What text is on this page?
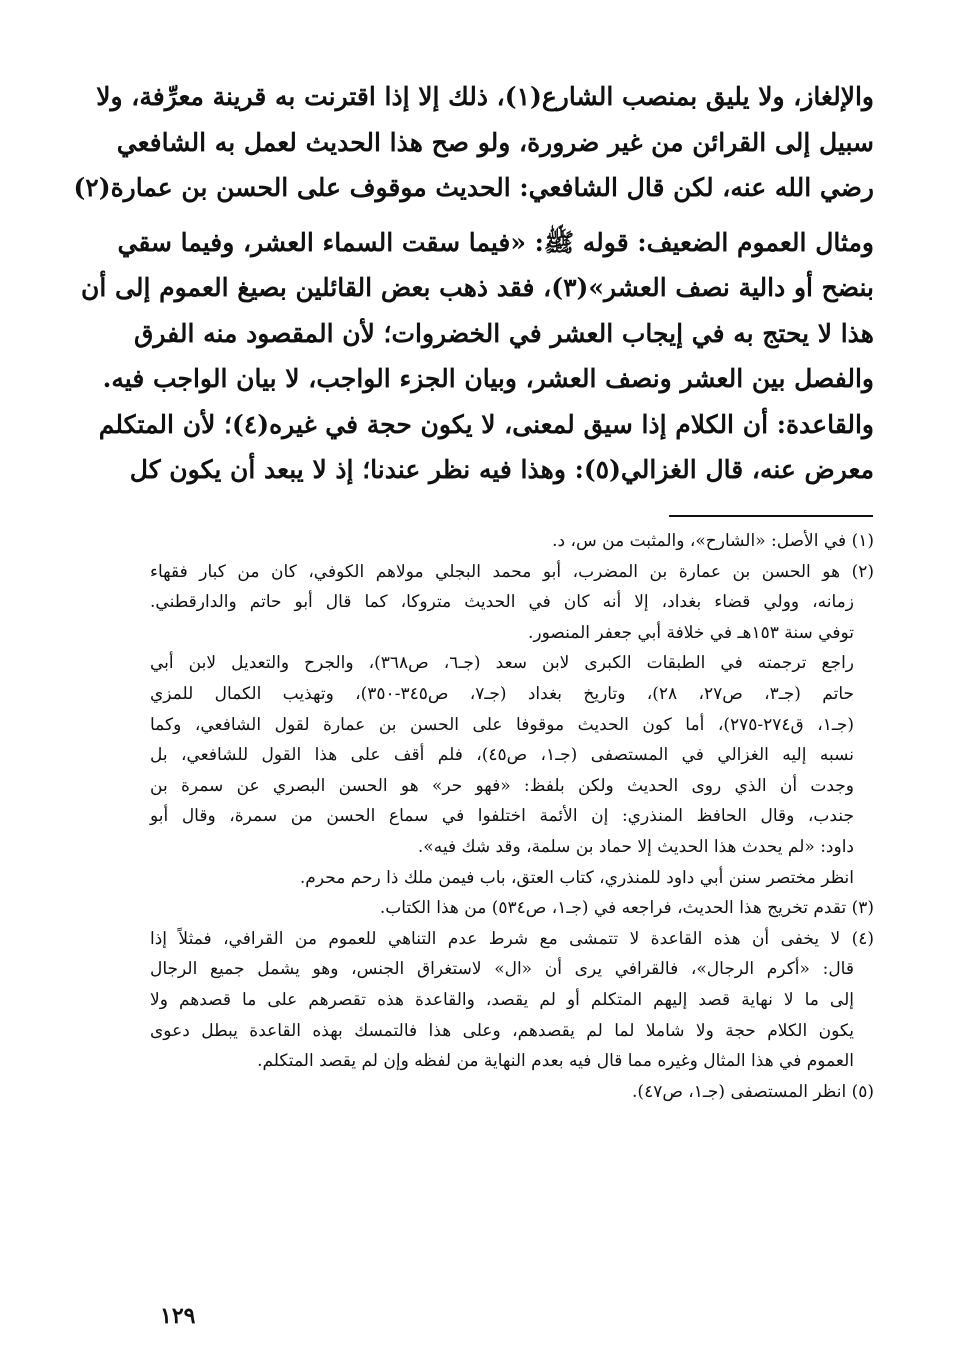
والإلغاز، ولا يليق بمنصب الشارع(١)، ذلك إلا إذا اقترنت به قرينة معرِّفة، ولا
سبيل إلى القرائن من غير ضرورة، ولو صح هذا الحديث لعمل به الشافعي
رضي الله عنه، لكن قال الشافعي: الحديث موقوف على الحسن بن عمارة(٢)
ومثال العموم الضعيف: قوله ﷺ: «فيما سقت السماء العشر، وفيما سقي
بنضح أو دالية نصف العشر»(٣)، فقد ذهب بعض القائلين بصيغ العموم إلى أن
هذا لا يحتج به في إيجاب العشر في الخضروات؛ لأن المقصود منه الفرق
والفصل بين العشر ونصف العشر، وبيان الجزء الواجب، لا بيان الواجب فيه.
والقاعدة: أن الكلام إذا سيق لمعنى، لا يكون حجة في غيره(٤)؛ لأن المتكلم
معرض عنه، قال الغزالي(٥): وهذا فيه نظر عندنا؛ إذ لا يبعد أن يكون كل
(١) في الأصل: «الشارح»، والمثبت من س، د.
(٢) هو الحسن بن عمارة بن المضرب، أبو محمد البجلي مولاهم الكوفي، كان من كبار فقهاء
زمانه، وولي قضاء بغداد، إلا أنه كان في الحديث متروكا، كما قال أبو حاتم والدارقطني.
توفي سنة ١٥٣هـ في خلافة أبي جعفر المنصور.
راجع ترجمته في الطبقات الكبرى لابن سعد (جـ٦، ص٣٦٨)، والجرح والتعديل لابن أبي
حاتم (جـ٣، ص٢٧، ٢٨)، وتاريخ بغداد (جـ٧، ص٣٤٥-٣٥٠)، وتهذيب الكمال للمزي
(جـ١، ق٢٧٤-٢٧٥)، أما كون الحديث موقوفا على الحسن بن عمارة لقول الشافعي، وكما
نسبه إليه الغزالي في المستصفى (جـ١، ص٤٥)، فلم أقف على هذا القول للشافعي، بل
وجدت أن الذي روى الحديث ولكن بلفظ: «فهو حر» هو الحسن البصري عن سمرة بن
جندب، وقال الحافظ المنذري: إن الأئمة اختلفوا في سماع الحسن من سمرة، وقال أبو
داود: «لم يحدث هذا الحديث إلا حماد بن سلمة، وقد شك فيه».
انظر مختصر سنن أبي داود للمنذري، كتاب العتق، باب فيمن ملك ذا رحم محرم.
(٣) تقدم تخريج هذا الحديث، فراجعه في (جـ١، ص٥٣٤) من هذا الكتاب.
(٤) لا يخفى أن هذه القاعدة لا تتمشى مع شرط عدم التناهي للعموم من القرافي، فمثلاً إذا
قال: «أكرم الرجال»، فالقرافي يرى أن «ال» لاستغراق الجنس، وهو يشمل جميع الرجال
إلى ما لا نهاية قصد إليهم المتكلم أو لم يقصد، والقاعدة هذه تقصرهم على ما قصدهم ولا
يكون الكلام حجة ولا شاملا لما لم يقصدهم، وعلى هذا فالتمسك بهذه القاعدة يبطل دعوى
العموم في هذا المثال وغيره مما قال فيه بعدم النهاية من لفظه وإن لم يقصد المتكلم.
(٥) انظر المستصفى (جـ١، ص٤٧).
١٢٩
